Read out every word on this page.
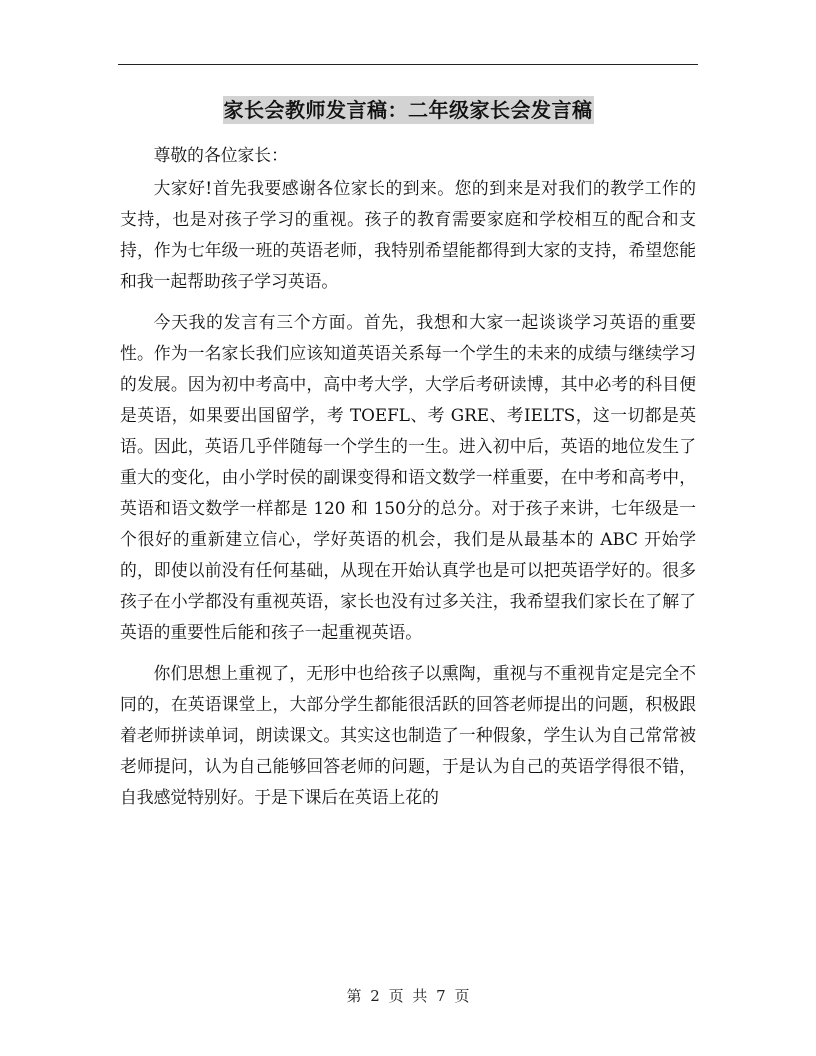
家长会教师发言稿：二年级家长会发言稿

尊敬的各位家长：

大家好!首先我要感谢各位家长的到来。您的到来是对我们的教学工作的支持，也是对孩子学习的重视。孩子的教育需要家庭和学校相互的配合和支持，作为七年级一班的英语老师，我特别希望能都得到大家的支持，希望您能和我一起帮助孩子学习英语。

今天我的发言有三个方面。首先，我想和大家一起谈谈学习英语的重要性。作为一名家长我们应该知道英语关系每一个学生的未来的成绩与继续学习的发展。因为初中考高中，高中考大学，大学后考研读博，其中必考的科目便是英语，如果要出国留学，考 TOEFL、考 GRE、考IELTS，这一切都是英语。因此，英语几乎伴随每一个学生的一生。进入初中后，英语的地位发生了重大的变化，由小学时侯的副课变得和语文数学一样重要，在中考和高考中，英语和语文数学一样都是 120 和 150分的总分。对于孩子来讲，七年级是一个很好的重新建立信心，学好英语的机会，我们是从最基本的 ABC 开始学的，即使以前没有任何基础，从现在开始认真学也是可以把英语学好的。很多孩子在小学都没有重视英语，家长也没有过多关注，我希望我们家长在了解了英语的重要性后能和孩子一起重视英语。

你们思想上重视了，无形中也给孩子以熏陶，重视与不重视肯定是完全不同的，在英语课堂上，大部分学生都能很活跃的回答老师提出的问题，积极跟着老师拼读单词，朗读课文。其实这也制造了一种假象，学生认为自己常常被老师提问，认为自己能够回答老师的问题，于是认为自己的英语学得很不错，自我感觉特别好。于是下课后在英语上花的

第 2 页 共 7 页
